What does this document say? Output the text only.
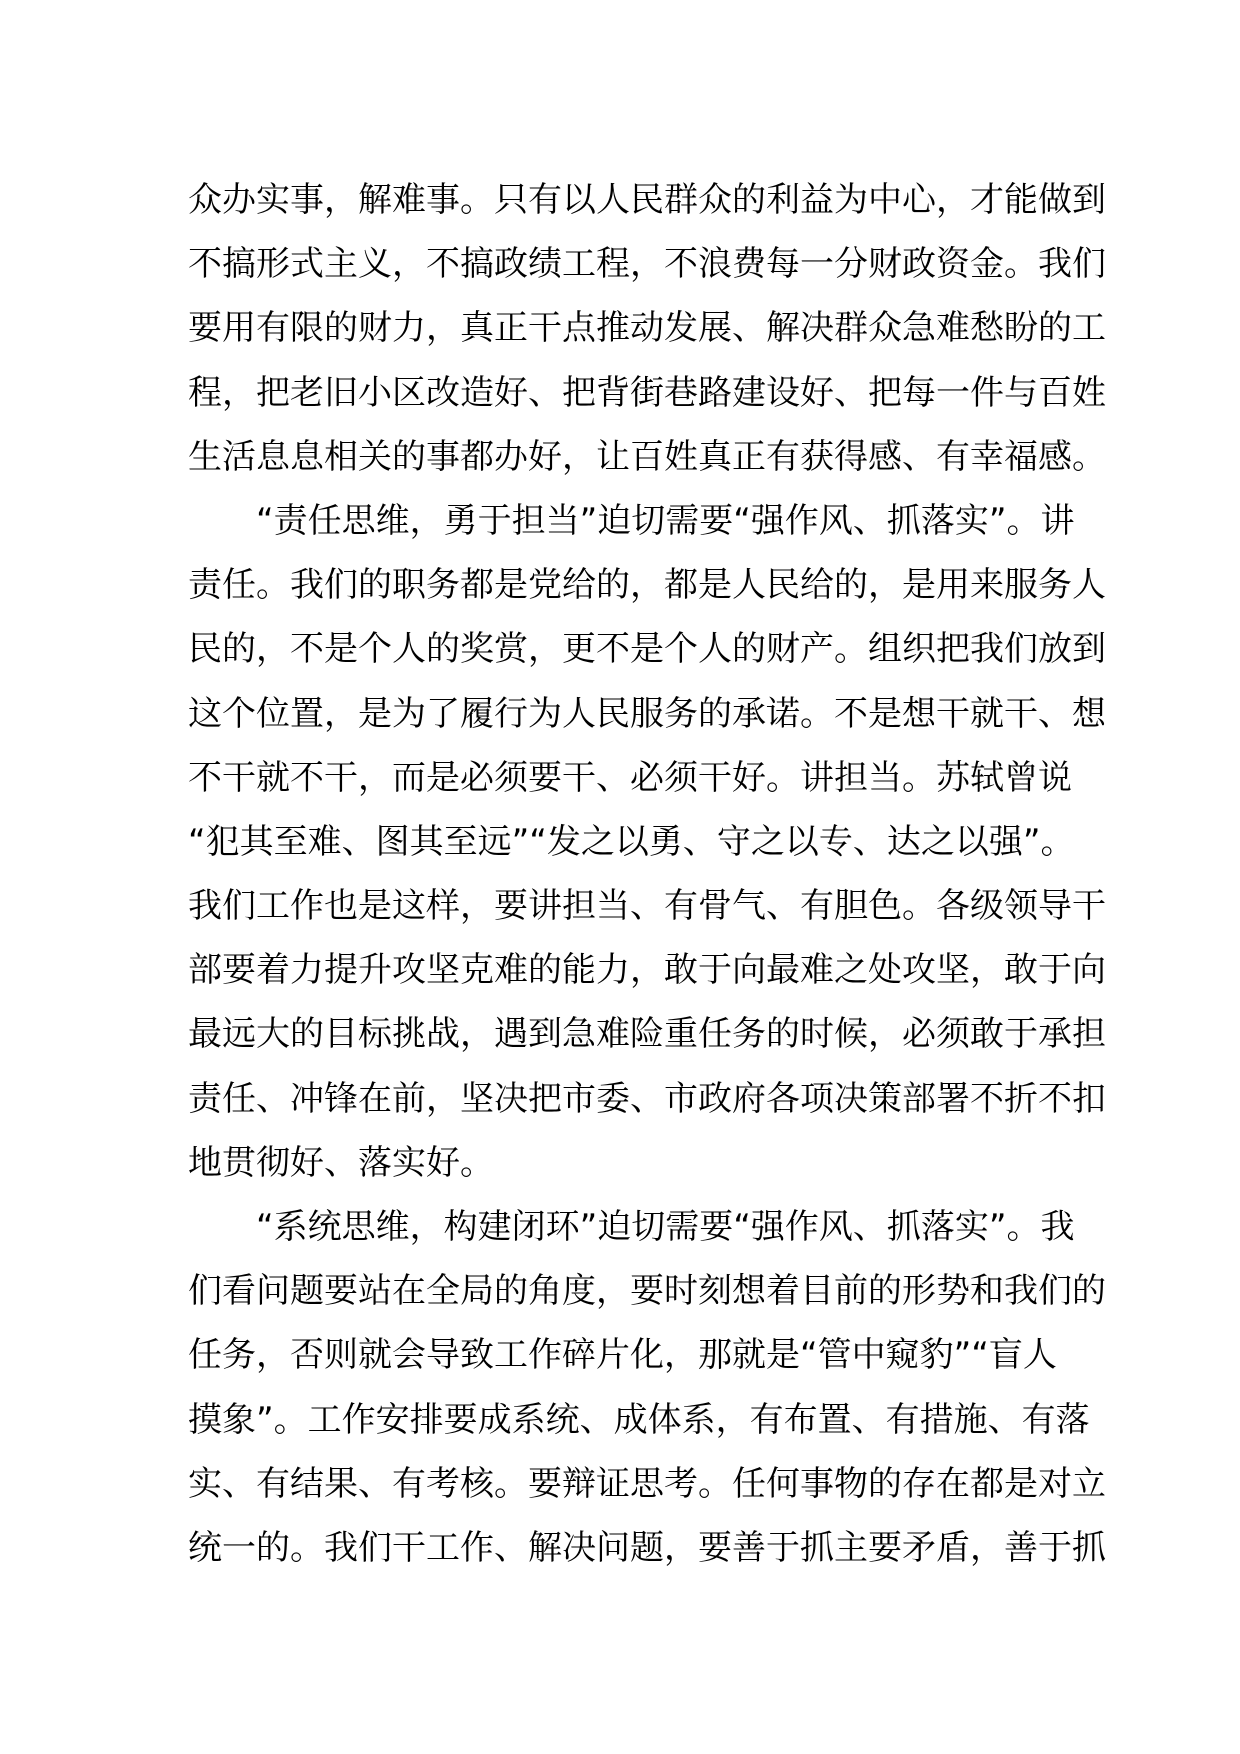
众办实事，解难事。只有以人民群众的利益为中心，才能做到
不搞形式主义，不搞政绩工程，不浪费每一分财政资金。我们
要用有限的财力，真正干点推动发展、解决群众急难愁盼的工
程，把老旧小区改造好、把背街巷路建设好、把每一件与百姓
生活息息相关的事都办好，让百姓真正有获得感、有幸福感。
　　“责任思维，勇于担当”迫切需要“强作风、抓落实”。讲
责任。我们的职务都是党给的，都是人民给的，是用来服务人
民的，不是个人的奖赏，更不是个人的财产。组织把我们放到
这个位置，是为了履行为人民服务的承诺。不是想干就干、想
不干就不干，而是必须要干、必须干好。讲担当。苏轼曾说
“犯其至难、图其至远”“发之以勇、守之以专、达之以强”。
我们工作也是这样，要讲担当、有骨气、有胆色。各级领导干
部要着力提升攻坚克难的能力，敢于向最难之处攻坚，敢于向
最远大的目标挑战，遇到急难险重任务的时候，必须敢于承担
责任、冲锋在前，坚决把市委、市政府各项决策部署不折不扣
地贯彻好、落实好。
　　“系统思维，构建闭环”迫切需要“强作风、抓落实”。我
们看问题要站在全局的角度，要时刻想着目前的形势和我们的
任务，否则就会导致工作碎片化，那就是“管中窥豹”“盲人
摸象”。工作安排要成系统、成体系，有布置、有措施、有落
实、有结果、有考核。要辩证思考。任何事物的存在都是对立
统一的。我们干工作、解决问题，要善于抓主要矛盾，善于抓
